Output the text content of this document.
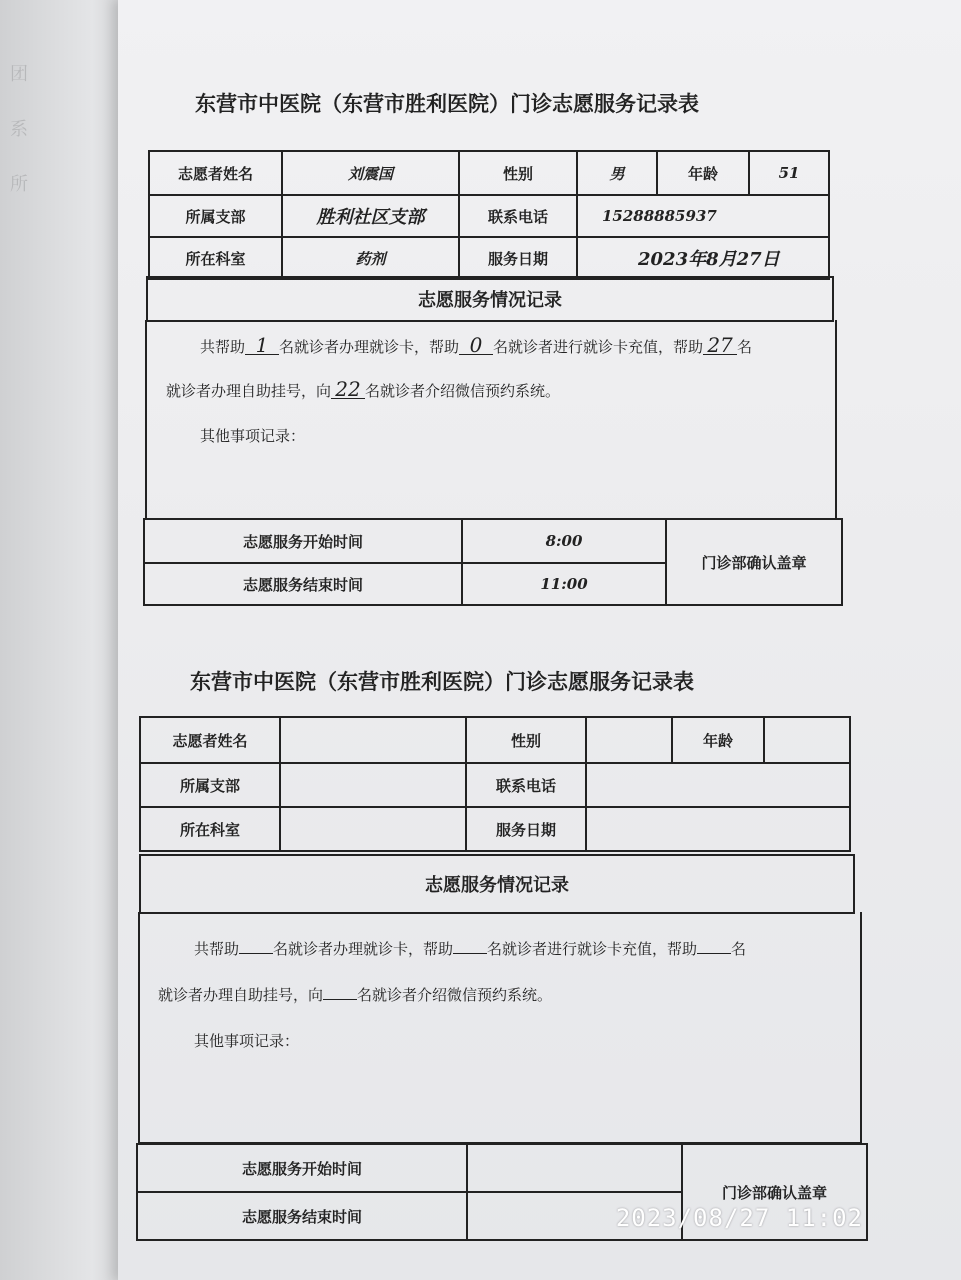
团
系
所
东营市中医院（东营市胜利医院）门诊志愿服务记录表
志愿者姓名	刘震国	性别	男	年龄	51
所属支部	胜利社区支部	联系电话	15288885937		
所在科室	药剂	服务日期	2023年8月27日		
志愿服务情况记录
共帮助 1 名就诊者办理就诊卡，帮助 0 名就诊者进行就诊卡充值，帮助 27 名
就诊者办理自助挂号，向 22 名就诊者介绍微信预约系统。
其他事项记录：
志愿服务开始时间	8:00	门诊部确认盖章
志愿服务结束时间	11:00	
东营市中医院（东营市胜利医院）门诊志愿服务记录表
志愿者姓名		性别		年龄	
所属支部		联系电话			
所在科室		服务日期			
志愿服务情况记录
共帮助 名就诊者办理就诊卡，帮助 名就诊者进行就诊卡充值，帮助 名
就诊者办理自助挂号，向 名就诊者介绍微信预约系统。
其他事项记录：
志愿服务开始时间		门诊部确认盖章
志愿服务结束时间			2023/08/27 11:02
